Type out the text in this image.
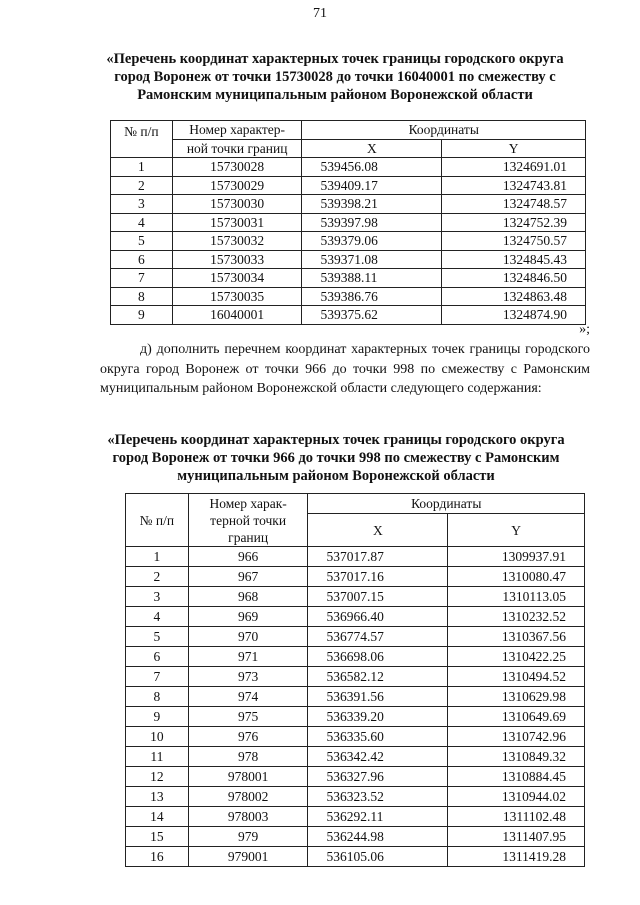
71
«Перечень координат характерных точек границы городского округа город Воронеж от точки 15730028 до точки 16040001 по смежеству с Рамонским муниципальным районом Воронежской области
№ п/п	Номер характер-	Координаты	
	ной точки границ	X	Y
1	15730028	539456.08	1324691.01
2	15730029	539409.17	1324743.81
3	15730030	539398.21	1324748.57
4	15730031	539397.98	1324752.39
5	15730032	539379.06	1324750.57
6	15730033	539371.08	1324845.43
7	15730034	539388.11	1324846.50
8	15730035	539386.76	1324863.48
9	16040001	539375.62	1324874.90
»;
д) дополнить перечнем координат характерных точек границы городского округа город Воронеж от точки 966 до точки 998 по смежеству с Рамонским муниципальным районом Воронежской области следующего содержания:
«Перечень координат характерных точек границы городского округа город Воронеж от точки 966 до точки 998 по смежеству с Рамонским муниципальным районом Воронежской области
№ п/п	Номер харак-
терной точки
границ	Координаты	
		X	Y
1	966	537017.87	1309937.91
2	967	537017.16	1310080.47
3	968	537007.15	1310113.05
4	969	536966.40	1310232.52
5	970	536774.57	1310367.56
6	971	536698.06	1310422.25
7	973	536582.12	1310494.52
8	974	536391.56	1310629.98
9	975	536339.20	1310649.69
10	976	536335.60	1310742.96
11	978	536342.42	1310849.32
12	978001	536327.96	1310884.45
13	978002	536323.52	1310944.02
14	978003	536292.11	1311102.48
15	979	536244.98	1311407.95
16	979001	536105.06	1311419.28
